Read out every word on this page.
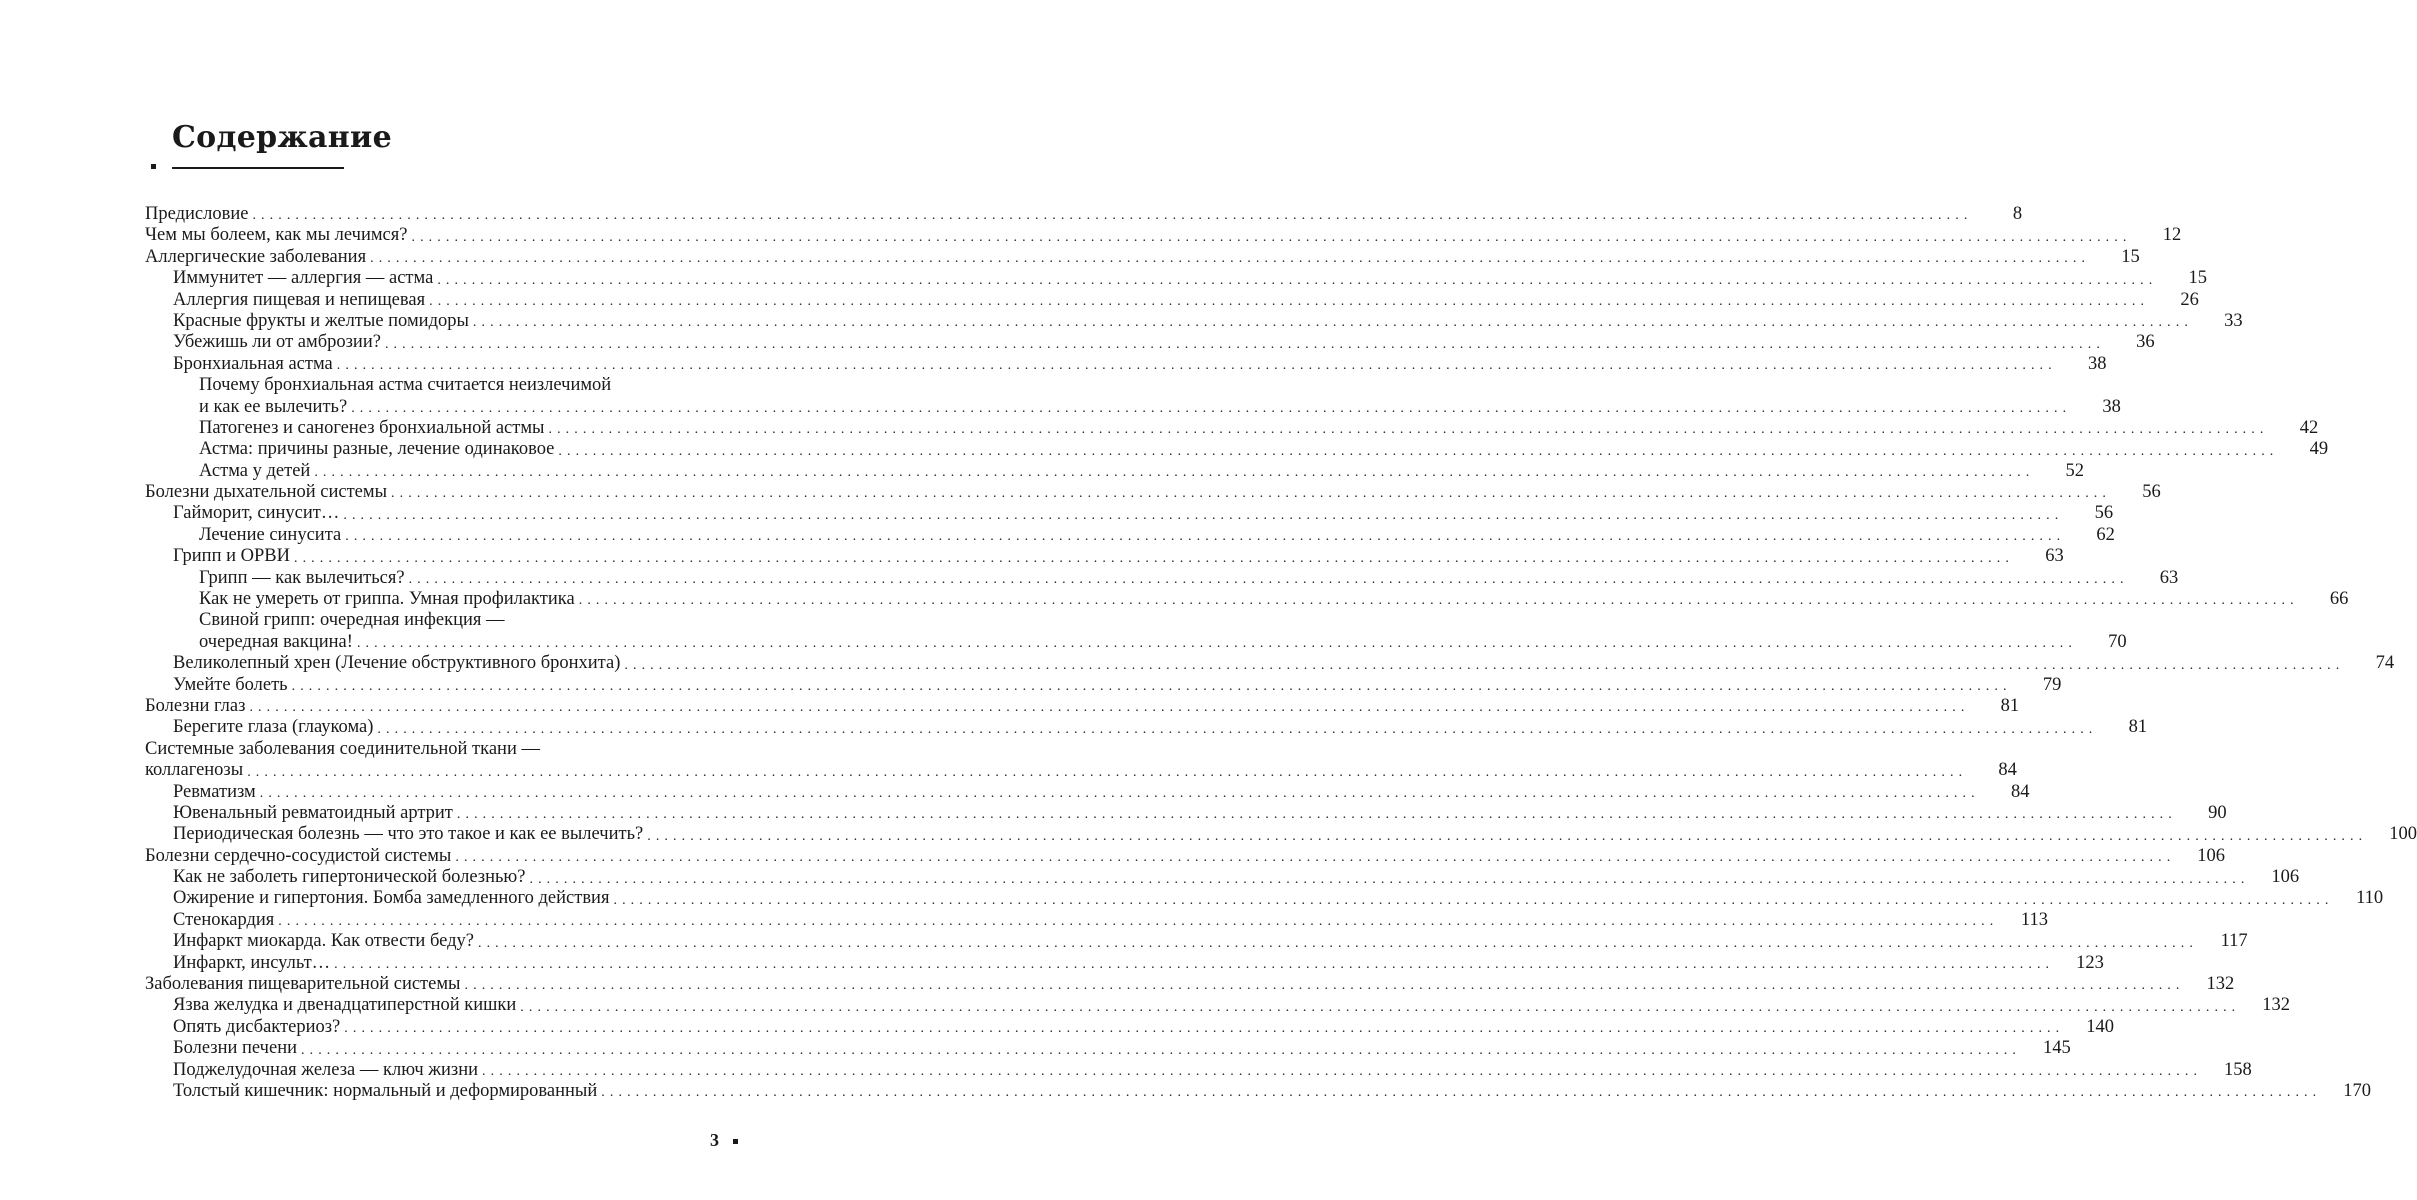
Содержание
Предисловие . . . . . . . . . . . . . . . . . . . . . . . . . . . . . . . . . . . . . . . . . . . . . . . . . . . . . . . . . . . . . . . . . . . . . . . . . . . . . . . . . . . . . . . . . . . . . . . . . . . . . . . . . . . . . . . . . . . . . . . . . . . . . . . . . . . . . . . . . . . . . . . . . . . . . . . . . . . . . . . . . . . . . . . . . . . . . . . . . . . . . . . . . . . . . . . . . . . . . . . .	8
Чем мы болеем, как мы лечимся? . . . . . . . . . . . . . . . . . . . . . . . . . . . . . . . . . . . . . . . . . . . . . . . . . . . . . . . . . . . . . . . . . . . . . . . . . . . . . . . . . . . . . . . . . . . . . . . . . . . . . . . . . . . . . . . . . . . . . . . . . . . . . . . . . . . . . . . . . . . . . . . . . . . . . . . . . . . . . . . . . . . . . . . . . . . . . . . . . . . . . . . . . . . . . . . . . . . . . . . .	12
Аллергические заболевания . . . . . . . . . . . . . . . . . . . . . . . . . . . . . . . . . . . . . . . . . . . . . . . . . . . . . . . . . . . . . . . . . . . . . . . . . . . . . . . . . . . . . . . . . . . . . . . . . . . . . . . . . . . . . . . . . . . . . . . . . . . . . . . . . . . . . . . . . . . . . . . . . . . . . . . . . . . . . . . . . . . . . . . . . . . . . . . . . . . . . . . . . . . . . . . . . . . . . . . .	15
Иммунитет — аллергия — астма . . . . . . . . . . . . . . . . . . . . . . . . . . . . . . . . . . . . . . . . . . . . . . . . . . . . . . . . . . . . . . . . . . . . . . . . . . . . . . . . . . . . . . . . . . . . . . . . . . . . . . . . . . . . . . . . . . . . . . . . . . . . . . . . . . . . . . . . . . . . . . . . . . . . . . . . . . . . . . . . . . . . . . . . . . . . . . . . . . . . . . . . . . . . . . . . . . . . . . . .	15
Аллергия пищевая и непищевая . . . . . . . . . . . . . . . . . . . . . . . . . . . . . . . . . . . . . . . . . . . . . . . . . . . . . . . . . . . . . . . . . . . . . . . . . . . . . . . . . . . . . . . . . . . . . . . . . . . . . . . . . . . . . . . . . . . . . . . . . . . . . . . . . . . . . . . . . . . . . . . . . . . . . . . . . . . . . . . . . . . . . . . . . . . . . . . . . . . . . . . . . . . . . . . . . . . . . . . .	26
Красные фрукты и желтые помидоры . . . . . . . . . . . . . . . . . . . . . . . . . . . . . . . . . . . . . . . . . . . . . . . . . . . . . . . . . . . . . . . . . . . . . . . . . . . . . . . . . . . . . . . . . . . . . . . . . . . . . . . . . . . . . . . . . . . . . . . . . . . . . . . . . . . . . . . . . . . . . . . . . . . . . . . . . . . . . . . . . . . . . . . . . . . . . . . . . . . . . . . . . . . . . . . . . . . . . . . .	33
Убежишь ли от амброзии? . . . . . . . . . . . . . . . . . . . . . . . . . . . . . . . . . . . . . . . . . . . . . . . . . . . . . . . . . . . . . . . . . . . . . . . . . . . . . . . . . . . . . . . . . . . . . . . . . . . . . . . . . . . . . . . . . . . . . . . . . . . . . . . . . . . . . . . . . . . . . . . . . . . . . . . . . . . . . . . . . . . . . . . . . . . . . . . . . . . . . . . . . . . . . . . . . . . . . . . .	36
Бронхиальная астма . . . . . . . . . . . . . . . . . . . . . . . . . . . . . . . . . . . . . . . . . . . . . . . . . . . . . . . . . . . . . . . . . . . . . . . . . . . . . . . . . . . . . . . . . . . . . . . . . . . . . . . . . . . . . . . . . . . . . . . . . . . . . . . . . . . . . . . . . . . . . . . . . . . . . . . . . . . . . . . . . . . . . . . . . . . . . . . . . . . . . . . . . . . . . . . . . . . . . . . .	38
Почему бронхиальная астма считается неизлечимой
и как ее вылечить? . . . . . . . . . . . . . . . . . . . . . . . . . . . . . . . . . . . . . . . . . . . . . . . . . . . . . . . . . . . . . . . . . . . . . . . . . . . . . . . . . . . . . . . . . . . . . . . . . . . . . . . . . . . . . . . . . . . . . . . . . . . . . . . . . . . . . . . . . . . . . . . . . . . . . . . . . . . . . . . . . . . . . . . . . . . . . . . . . . . . . . . . . . . . . . . . . . . . . . . .	38
Патогенез и саногенез бронхиальной астмы . . . . . . . . . . . . . . . . . . . . . . . . . . . . . . . . . . . . . . . . . . . . . . . . . . . . . . . . . . . . . . . . . . . . . . . . . . . . . . . . . . . . . . . . . . . . . . . . . . . . . . . . . . . . . . . . . . . . . . . . . . . . . . . . . . . . . . . . . . . . . . . . . . . . . . . . . . . . . . . . . . . . . . . . . . . . . . . . . . . . . . . . . . . . . . . . . . . . . . . .	42
Астма: причины разные, лечение одинаковое . . . . . . . . . . . . . . . . . . . . . . . . . . . . . . . . . . . . . . . . . . . . . . . . . . . . . . . . . . . . . . . . . . . . . . . . . . . . . . . . . . . . . . . . . . . . . . . . . . . . . . . . . . . . . . . . . . . . . . . . . . . . . . . . . . . . . . . . . . . . . . . . . . . . . . . . . . . . . . . . . . . . . . . . . . . . . . . . . . . . . . . . . . . . . . . . . . . . . . . .	49
Астма у детей . . . . . . . . . . . . . . . . . . . . . . . . . . . . . . . . . . . . . . . . . . . . . . . . . . . . . . . . . . . . . . . . . . . . . . . . . . . . . . . . . . . . . . . . . . . . . . . . . . . . . . . . . . . . . . . . . . . . . . . . . . . . . . . . . . . . . . . . . . . . . . . . . . . . . . . . . . . . . . . . . . . . . . . . . . . . . . . . . . . . . . . . . . . . . . . . . . . . . . . .	52
Болезни дыхательной системы . . . . . . . . . . . . . . . . . . . . . . . . . . . . . . . . . . . . . . . . . . . . . . . . . . . . . . . . . . . . . . . . . . . . . . . . . . . . . . . . . . . . . . . . . . . . . . . . . . . . . . . . . . . . . . . . . . . . . . . . . . . . . . . . . . . . . . . . . . . . . . . . . . . . . . . . . . . . . . . . . . . . . . . . . . . . . . . . . . . . . . . . . . . . . . . . . . . . . . . .	56
Гайморит, синусит… . . . . . . . . . . . . . . . . . . . . . . . . . . . . . . . . . . . . . . . . . . . . . . . . . . . . . . . . . . . . . . . . . . . . . . . . . . . . . . . . . . . . . . . . . . . . . . . . . . . . . . . . . . . . . . . . . . . . . . . . . . . . . . . . . . . . . . . . . . . . . . . . . . . . . . . . . . . . . . . . . . . . . . . . . . . . . . . . . . . . . . . . . . . . . . . . . . . . . . . .	56
Лечение синусита . . . . . . . . . . . . . . . . . . . . . . . . . . . . . . . . . . . . . . . . . . . . . . . . . . . . . . . . . . . . . . . . . . . . . . . . . . . . . . . . . . . . . . . . . . . . . . . . . . . . . . . . . . . . . . . . . . . . . . . . . . . . . . . . . . . . . . . . . . . . . . . . . . . . . . . . . . . . . . . . . . . . . . . . . . . . . . . . . . . . . . . . . . . . . . . . . . . . . . . .	62
Грипп и ОРВИ . . . . . . . . . . . . . . . . . . . . . . . . . . . . . . . . . . . . . . . . . . . . . . . . . . . . . . . . . . . . . . . . . . . . . . . . . . . . . . . . . . . . . . . . . . . . . . . . . . . . . . . . . . . . . . . . . . . . . . . . . . . . . . . . . . . . . . . . . . . . . . . . . . . . . . . . . . . . . . . . . . . . . . . . . . . . . . . . . . . . . . . . . . . . . . . . . . . . . . . .	63
Грипп — как вылечиться? . . . . . . . . . . . . . . . . . . . . . . . . . . . . . . . . . . . . . . . . . . . . . . . . . . . . . . . . . . . . . . . . . . . . . . . . . . . . . . . . . . . . . . . . . . . . . . . . . . . . . . . . . . . . . . . . . . . . . . . . . . . . . . . . . . . . . . . . . . . . . . . . . . . . . . . . . . . . . . . . . . . . . . . . . . . . . . . . . . . . . . . . . . . . . . . . . . . . . . . .	63
Как не умереть от гриппа. Умная профилактика . . . . . . . . . . . . . . . . . . . . . . . . . . . . . . . . . . . . . . . . . . . . . . . . . . . . . . . . . . . . . . . . . . . . . . . . . . . . . . . . . . . . . . . . . . . . . . . . . . . . . . . . . . . . . . . . . . . . . . . . . . . . . . . . . . . . . . . . . . . . . . . . . . . . . . . . . . . . . . . . . . . . . . . . . . . . . . . . . . . . . . . . . . . . . . . . . . . . . . . .	66
Свиной грипп: очередная инфекция —
очередная вакцина! . . . . . . . . . . . . . . . . . . . . . . . . . . . . . . . . . . . . . . . . . . . . . . . . . . . . . . . . . . . . . . . . . . . . . . . . . . . . . . . . . . . . . . . . . . . . . . . . . . . . . . . . . . . . . . . . . . . . . . . . . . . . . . . . . . . . . . . . . . . . . . . . . . . . . . . . . . . . . . . . . . . . . . . . . . . . . . . . . . . . . . . . . . . . . . . . . . . . . . . .	70
Великолепный хрен (Лечение обструктивного бронхита) . . . . . . . . . . . . . . . . . . . . . . . . . . . . . . . . . . . . . . . . . . . . . . . . . . . . . . . . . . . . . . . . . . . . . . . . . . . . . . . . . . . . . . . . . . . . . . . . . . . . . . . . . . . . . . . . . . . . . . . . . . . . . . . . . . . . . . . . . . . . . . . . . . . . . . . . . . . . . . . . . . . . . . . . . . . . . . . . . . . . . . . . . . . . . . . . . . . . . . . .	74
Умейте болеть . . . . . . . . . . . . . . . . . . . . . . . . . . . . . . . . . . . . . . . . . . . . . . . . . . . . . . . . . . . . . . . . . . . . . . . . . . . . . . . . . . . . . . . . . . . . . . . . . . . . . . . . . . . . . . . . . . . . . . . . . . . . . . . . . . . . . . . . . . . . . . . . . . . . . . . . . . . . . . . . . . . . . . . . . . . . . . . . . . . . . . . . . . . . . . . . . . . . . . . .	79
Болезни глаз . . . . . . . . . . . . . . . . . . . . . . . . . . . . . . . . . . . . . . . . . . . . . . . . . . . . . . . . . . . . . . . . . . . . . . . . . . . . . . . . . . . . . . . . . . . . . . . . . . . . . . . . . . . . . . . . . . . . . . . . . . . . . . . . . . . . . . . . . . . . . . . . . . . . . . . . . . . . . . . . . . . . . . . . . . . . . . . . . . . . . . . . . . . . . . . . . . . . . . . .	81
Берегите глаза (глаукома) . . . . . . . . . . . . . . . . . . . . . . . . . . . . . . . . . . . . . . . . . . . . . . . . . . . . . . . . . . . . . . . . . . . . . . . . . . . . . . . . . . . . . . . . . . . . . . . . . . . . . . . . . . . . . . . . . . . . . . . . . . . . . . . . . . . . . . . . . . . . . . . . . . . . . . . . . . . . . . . . . . . . . . . . . . . . . . . . . . . . . . . . . . . . . . . . . . . . . . . .	81
Системные заболевания соединительной ткани —
коллагенозы . . . . . . . . . . . . . . . . . . . . . . . . . . . . . . . . . . . . . . . . . . . . . . . . . . . . . . . . . . . . . . . . . . . . . . . . . . . . . . . . . . . . . . . . . . . . . . . . . . . . . . . . . . . . . . . . . . . . . . . . . . . . . . . . . . . . . . . . . . . . . . . . . . . . . . . . . . . . . . . . . . . . . . . . . . . . . . . . . . . . . . . . . . . . . . . . . . . . . . . .	84
Ревматизм . . . . . . . . . . . . . . . . . . . . . . . . . . . . . . . . . . . . . . . . . . . . . . . . . . . . . . . . . . . . . . . . . . . . . . . . . . . . . . . . . . . . . . . . . . . . . . . . . . . . . . . . . . . . . . . . . . . . . . . . . . . . . . . . . . . . . . . . . . . . . . . . . . . . . . . . . . . . . . . . . . . . . . . . . . . . . . . . . . . . . . . . . . . . . . . . . . . . . . . .	84
Ювенальный ревматоидный артрит . . . . . . . . . . . . . . . . . . . . . . . . . . . . . . . . . . . . . . . . . . . . . . . . . . . . . . . . . . . . . . . . . . . . . . . . . . . . . . . . . . . . . . . . . . . . . . . . . . . . . . . . . . . . . . . . . . . . . . . . . . . . . . . . . . . . . . . . . . . . . . . . . . . . . . . . . . . . . . . . . . . . . . . . . . . . . . . . . . . . . . . . . . . . . . . . . . . . . . . .	90
Периодическая болезнь — что это такое и как ее вылечить? . . . . . . . . . . . . . . . . . . . . . . . . . . . . . . . . . . . . . . . . . . . . . . . . . . . . . . . . . . . . . . . . . . . . . . . . . . . . . . . . . . . . . . . . . . . . . . . . . . . . . . . . . . . . . . . . . . . . . . . . . . . . . . . . . . . . . . . . . . . . . . . . . . . . . . . . . . . . . . . . . . . . . . . . . . . . . . . . . . . . . . . . . . . . . . . . . . . . . . . .	100
Болезни сердечно-сосудистой системы . . . . . . . . . . . . . . . . . . . . . . . . . . . . . . . . . . . . . . . . . . . . . . . . . . . . . . . . . . . . . . . . . . . . . . . . . . . . . . . . . . . . . . . . . . . . . . . . . . . . . . . . . . . . . . . . . . . . . . . . . . . . . . . . . . . . . . . . . . . . . . . . . . . . . . . . . . . . . . . . . . . . . . . . . . . . . . . . . . . . . . . . . . . . . . . . . . . . . . . .	106
Как не заболеть гипертонической болезнью? . . . . . . . . . . . . . . . . . . . . . . . . . . . . . . . . . . . . . . . . . . . . . . . . . . . . . . . . . . . . . . . . . . . . . . . . . . . . . . . . . . . . . . . . . . . . . . . . . . . . . . . . . . . . . . . . . . . . . . . . . . . . . . . . . . . . . . . . . . . . . . . . . . . . . . . . . . . . . . . . . . . . . . . . . . . . . . . . . . . . . . . . . . . . . . . . . . . . . . . .	106
Ожирение и гипертония. Бомба замедленного действия . . . . . . . . . . . . . . . . . . . . . . . . . . . . . . . . . . . . . . . . . . . . . . . . . . . . . . . . . . . . . . . . . . . . . . . . . . . . . . . . . . . . . . . . . . . . . . . . . . . . . . . . . . . . . . . . . . . . . . . . . . . . . . . . . . . . . . . . . . . . . . . . . . . . . . . . . . . . . . . . . . . . . . . . . . . . . . . . . . . . . . . . . . . . . . . . . . . . . . . .	110
Стенокардия . . . . . . . . . . . . . . . . . . . . . . . . . . . . . . . . . . . . . . . . . . . . . . . . . . . . . . . . . . . . . . . . . . . . . . . . . . . . . . . . . . . . . . . . . . . . . . . . . . . . . . . . . . . . . . . . . . . . . . . . . . . . . . . . . . . . . . . . . . . . . . . . . . . . . . . . . . . . . . . . . . . . . . . . . . . . . . . . . . . . . . . . . . . . . . . . . . . . . . . .	113
Инфаркт миокарда. Как отвести беду? . . . . . . . . . . . . . . . . . . . . . . . . . . . . . . . . . . . . . . . . . . . . . . . . . . . . . . . . . . . . . . . . . . . . . . . . . . . . . . . . . . . . . . . . . . . . . . . . . . . . . . . . . . . . . . . . . . . . . . . . . . . . . . . . . . . . . . . . . . . . . . . . . . . . . . . . . . . . . . . . . . . . . . . . . . . . . . . . . . . . . . . . . . . . . . . . . . . . . . . .	117
Инфаркт, инсульт… . . . . . . . . . . . . . . . . . . . . . . . . . . . . . . . . . . . . . . . . . . . . . . . . . . . . . . . . . . . . . . . . . . . . . . . . . . . . . . . . . . . . . . . . . . . . . . . . . . . . . . . . . . . . . . . . . . . . . . . . . . . . . . . . . . . . . . . . . . . . . . . . . . . . . . . . . . . . . . . . . . . . . . . . . . . . . . . . . . . . . . . . . . . . . . . . . . . . . . . .	123
Заболевания пищеварительной системы . . . . . . . . . . . . . . . . . . . . . . . . . . . . . . . . . . . . . . . . . . . . . . . . . . . . . . . . . . . . . . . . . . . . . . . . . . . . . . . . . . . . . . . . . . . . . . . . . . . . . . . . . . . . . . . . . . . . . . . . . . . . . . . . . . . . . . . . . . . . . . . . . . . . . . . . . . . . . . . . . . . . . . . . . . . . . . . . . . . . . . . . . . . . . . . . . . . . . . . .	132
Язва желудка и двенадцатиперстной кишки . . . . . . . . . . . . . . . . . . . . . . . . . . . . . . . . . . . . . . . . . . . . . . . . . . . . . . . . . . . . . . . . . . . . . . . . . . . . . . . . . . . . . . . . . . . . . . . . . . . . . . . . . . . . . . . . . . . . . . . . . . . . . . . . . . . . . . . . . . . . . . . . . . . . . . . . . . . . . . . . . . . . . . . . . . . . . . . . . . . . . . . . . . . . . . . . . . . . . . . .	132
Опять дисбактериоз? . . . . . . . . . . . . . . . . . . . . . . . . . . . . . . . . . . . . . . . . . . . . . . . . . . . . . . . . . . . . . . . . . . . . . . . . . . . . . . . . . . . . . . . . . . . . . . . . . . . . . . . . . . . . . . . . . . . . . . . . . . . . . . . . . . . . . . . . . . . . . . . . . . . . . . . . . . . . . . . . . . . . . . . . . . . . . . . . . . . . . . . . . . . . . . . . . . . . . . . .	140
Болезни печени . . . . . . . . . . . . . . . . . . . . . . . . . . . . . . . . . . . . . . . . . . . . . . . . . . . . . . . . . . . . . . . . . . . . . . . . . . . . . . . . . . . . . . . . . . . . . . . . . . . . . . . . . . . . . . . . . . . . . . . . . . . . . . . . . . . . . . . . . . . . . . . . . . . . . . . . . . . . . . . . . . . . . . . . . . . . . . . . . . . . . . . . . . . . . . . . . . . . . . . .	145
Поджелудочная железа — ключ жизни . . . . . . . . . . . . . . . . . . . . . . . . . . . . . . . . . . . . . . . . . . . . . . . . . . . . . . . . . . . . . . . . . . . . . . . . . . . . . . . . . . . . . . . . . . . . . . . . . . . . . . . . . . . . . . . . . . . . . . . . . . . . . . . . . . . . . . . . . . . . . . . . . . . . . . . . . . . . . . . . . . . . . . . . . . . . . . . . . . . . . . . . . . . . . . . . . . . . . . . .	158
Толстый кишечник: нормальный и деформированный . . . . . . . . . . . . . . . . . . . . . . . . . . . . . . . . . . . . . . . . . . . . . . . . . . . . . . . . . . . . . . . . . . . . . . . . . . . . . . . . . . . . . . . . . . . . . . . . . . . . . . . . . . . . . . . . . . . . . . . . . . . . . . . . . . . . . . . . . . . . . . . . . . . . . . . . . . . . . . . . . . . . . . . . . . . . . . . . . . . . . . . . . . . . . . . . . . . . . . . .	170
3
